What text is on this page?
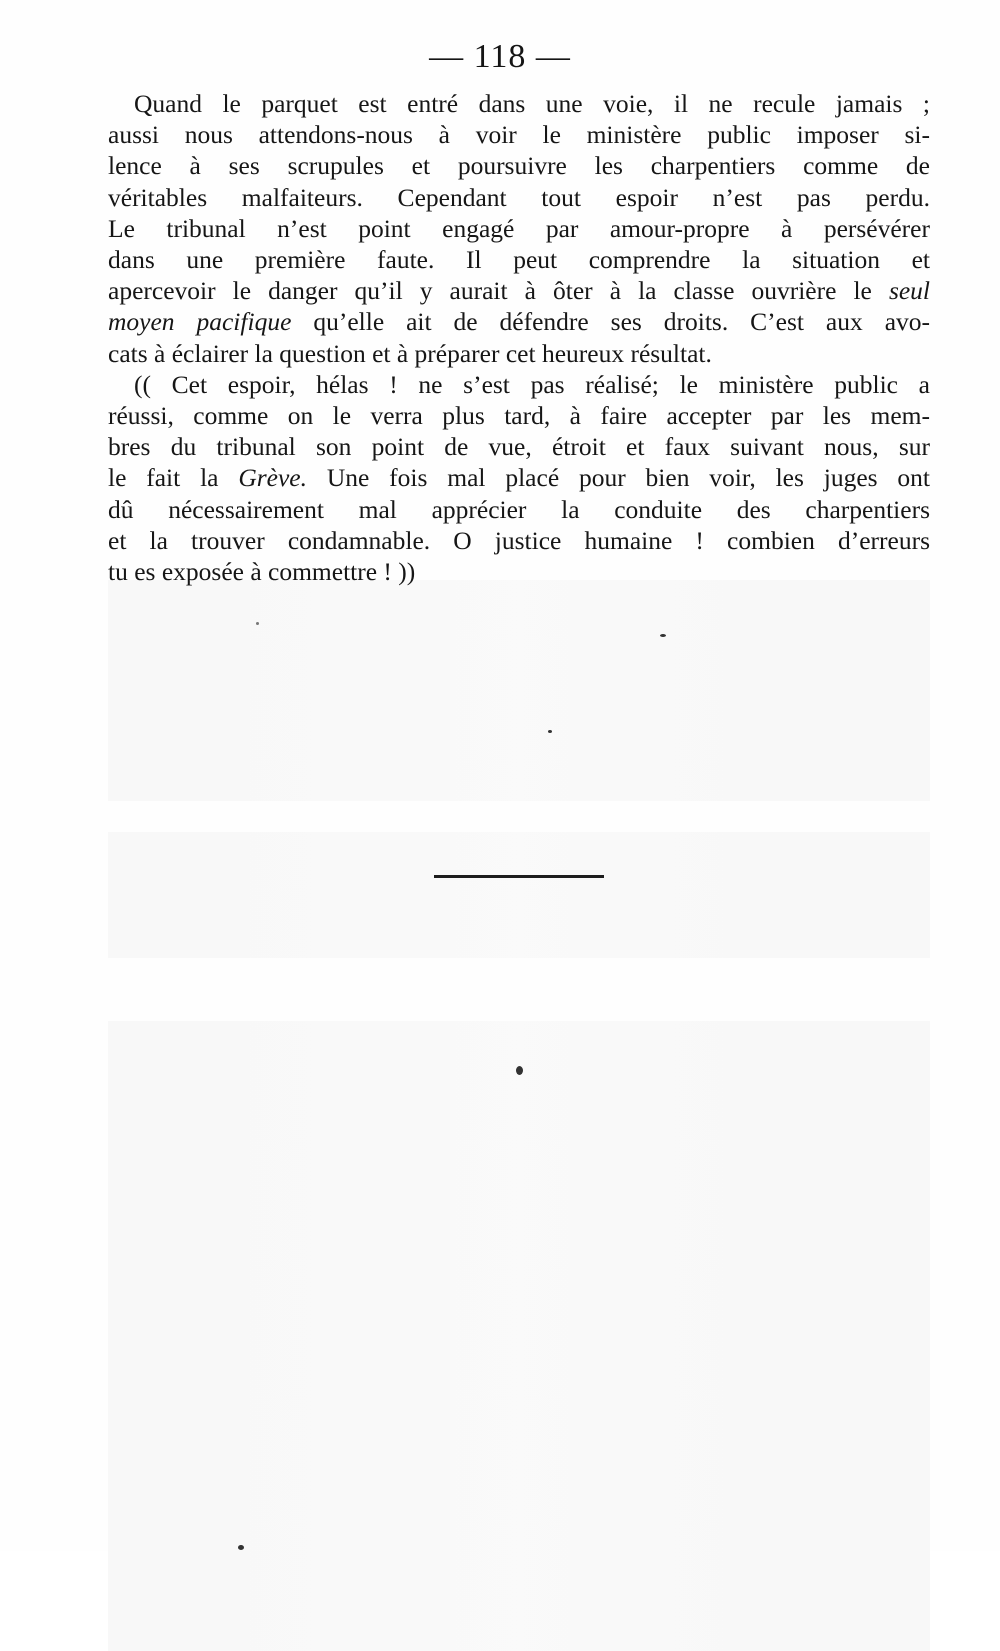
— 118 —
Quand le parquet est entré dans une voie, il ne recule jamais ;
aussi nous attendons-nous à voir le ministère public imposer si-
lence à ses scrupules et poursuivre les charpentiers comme de
véritables malfaiteurs. Cependant tout espoir n’est pas perdu.
Le tribunal n’est point engagé par amour-propre à persévérer
dans une première faute. Il peut comprendre la situation et
apercevoir le danger qu’il y aurait à ôter à la classe ouvrière le seul
moyen pacifique qu’elle ait de défendre ses droits. C’est aux avo-
cats à éclairer la question et à préparer cet heureux résultat.
(( Cet espoir, hélas ! ne s’est pas réalisé; le ministère public a
réussi, comme on le verra plus tard, à faire accepter par les mem-
bres du tribunal son point de vue, étroit et faux suivant nous, sur
le fait la Grève. Une fois mal placé pour bien voir, les juges ont
dû nécessairement mal apprécier la conduite des charpentiers
et la trouver condamnable. O justice humaine ! combien d’erreurs
tu es exposée à commettre ! ))
